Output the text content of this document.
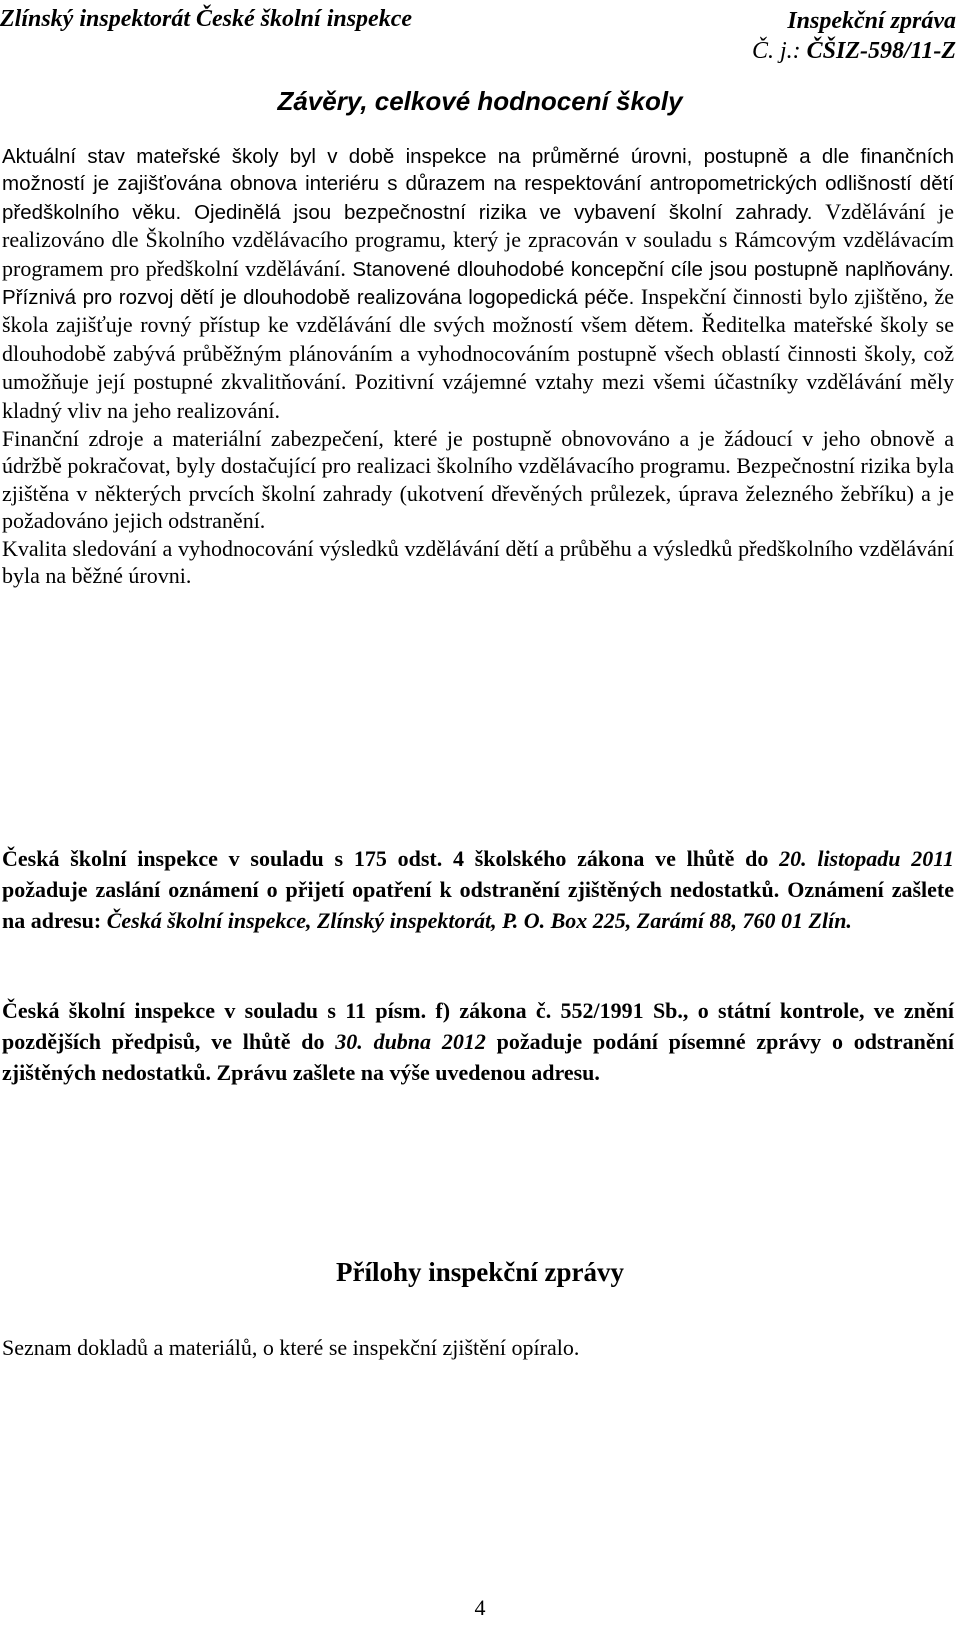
Zlínský inspektorát České školní inspekce	Inspekční zpráva
Č. j.: ČŠIZ-598/11-Z
Závěry, celkové hodnocení školy

Aktuální stav mateřské školy byl v době inspekce na průměrné úrovni, postupně a dle finančních možností je zajišťována obnova interiéru s důrazem na respektování antropometrických odlišností dětí předškolního věku. Ojedinělá jsou bezpečnostní rizika ve vybavení školní zahrady. Vzdělávání je realizováno dle Školního vzdělávacího programu, který je zpracován v souladu s Rámcovým vzdělávacím programem pro předškolní vzdělávání. Stanovené dlouhodobé koncepční cíle jsou postupně naplňovány. Příznivá pro rozvoj dětí je dlouhodobě realizována logopedická péče. Inspekční činnosti bylo zjištěno, že škola zajišťuje rovný přístup ke vzdělávání dle svých možností všem dětem. Ředitelka mateřské školy se dlouhodobě zabývá průběžným plánováním a vyhodnocováním postupně všech oblastí činnosti školy, což umožňuje její postupné zkvalitňování. Pozitivní vzájemné vztahy mezi všemi účastníky vzdělávání měly kladný vliv na jeho realizování.

Finanční zdroje a materiální zabezpečení, které je postupně obnovováno a je žádoucí v jeho obnově a údržbě pokračovat, byly dostačující pro realizaci školního vzdělávacího programu. Bezpečnostní rizika byla zjištěna v některých prvcích školní zahrady (ukotvení dřevěných průlezek, úprava železného žebříku) a je požadováno jejich odstranění.

Kvalita sledování a vyhodnocování výsledků vzdělávání dětí a průběhu a výsledků předškolního vzdělávání byla na běžné úrovni.

Česká školní inspekce v souladu s 175 odst. 4 školského zákona ve lhůtě do 20. listopadu 2011 požaduje zaslání oznámení o přijetí opatření k odstranění zjištěných nedostatků. Oznámení zašlete na adresu: Česká školní inspekce, Zlínský inspektorát, P. O. Box 225, Zarámí 88, 760 01 Zlín.
Česká školní inspekce v souladu s 11 písm. f) zákona č. 552/1991 Sb., o státní kontrole, ve znění pozdějších předpisů, ve lhůtě do 30. dubna 2012 požaduje podání písemné zprávy o odstranění zjištěných nedostatků. Zprávu zašlete na výše uvedenou adresu.
Přílohy inspekční zprávy
Seznam dokladů a materiálů, o které se inspekční zjištění opíralo.
4
